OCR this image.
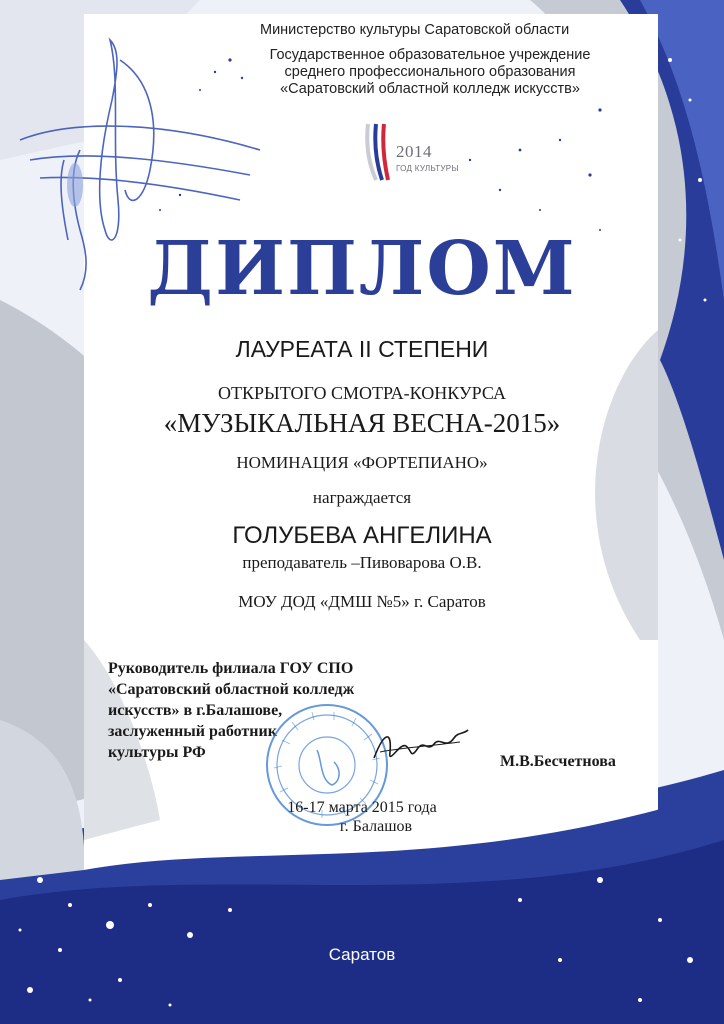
Министерство культуры Саратовской области
Государственное образовательное учреждение
среднего профессионального образования
«Саратовский областной колледж искусств»
2014
ГОД КУЛЬТУРЫ
ДИПЛОМ
ЛАУРЕАТА II СТЕПЕНИ
ОТКРЫТОГО СМОТРА-КОНКУРСА
«МУЗЫКАЛЬНАЯ ВЕСНА-2015»
НОМИНАЦИЯ «ФОРТЕПИАНО»
награждается
ГОЛУБЕВА АНГЕЛИНА
преподаватель –Пивоварова О.В.
МОУ ДОД «ДМШ №5» г. Саратов
Руководитель филиала ГОУ СПО
«Саратовский областной колледж
искусств» в г.Балашове,
заслуженный работник
культуры РФ
М.В.Бесчетнова
16-17 марта 2015 года
г. Балашов
Саратов
